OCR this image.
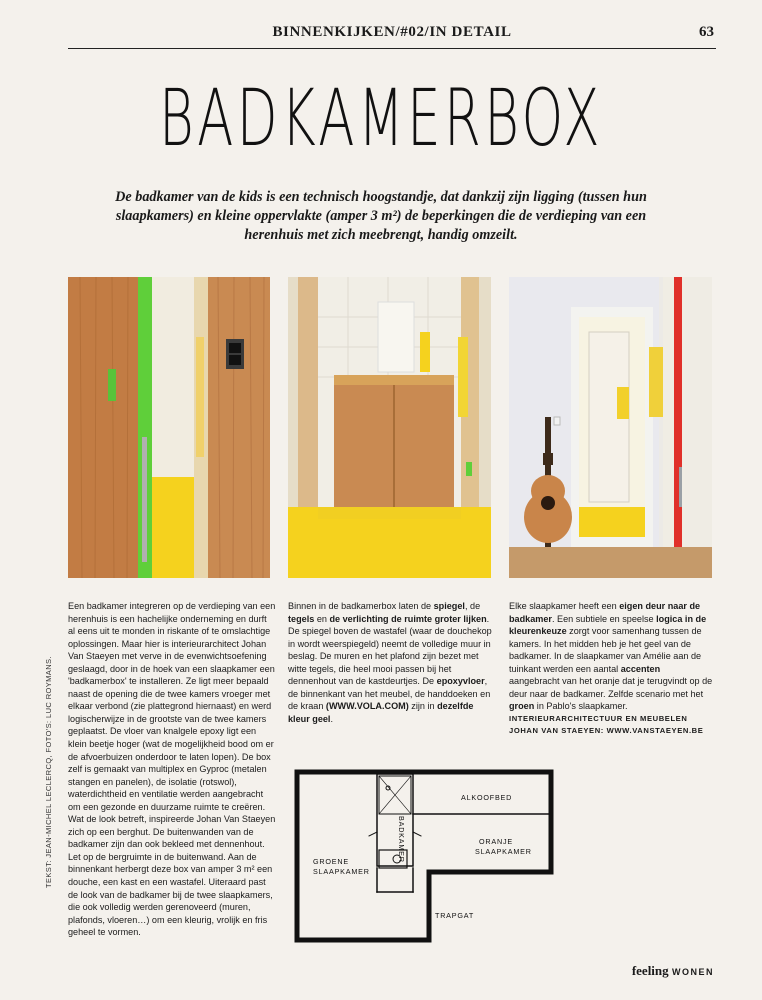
BINNENKIJKEN/#02/IN DETAIL	63
BADKAMERBOX

De badkamer van de kids is een technisch hoogstandje, dat dankzij zijn ligging (tussen hun slaapkamers) en kleine oppervlakte (amper 3 m²) de beperkingen die de verdieping van een herenhuis met zich meebrengt, handig omzeilt.

Een badkamer integreren op de verdieping van een herenhuis is een hachelijke onderneming en durft al eens uit te monden in riskante of te omslachtige oplossingen. Maar hier is interieurarchitect Johan Van Staeyen met verve in de evenwichtsoefening geslaagd, door in de hoek van een slaapkamer een 'badkamerbox' te installeren. Ze ligt meer bepaald naast de opening die de twee kamers vroeger met elkaar verbond (zie plattegrond hiernaast) en werd logischerwijze in de grootste van de twee kamers geplaatst. De vloer van knalgele epoxy ligt een klein beetje hoger (wat de mogelijkheid bood om er de afvoerbuizen onderdoor te laten lopen). De box zelf is gemaakt van multiplex en Gyproc (metalen stangen en panelen), de isolatie (rotswol), waterdichtheid en ventilatie werden aangebracht om een gezonde en duurzame ruimte te creëren. Wat de look betreft, inspireerde Johan Van Staeyen zich op een berghut. De buitenwanden van de badkamer zijn dan ook bekleed met dennenhout. Let op de bergruimte in de buitenwand. Aan de binnenkant herbergt deze box van amper 3 m² een douche, een kast en een wastafel. Uiteraard past de look van de badkamer bij de twee slaapkamers, die ook volledig werden gerenoveerd (muren, plafonds, vloeren…) om een kleurig, vrolijk en fris geheel te vormen.

Binnen in de badkamerbox laten de spiegel, de tegels en de verlichting de ruimte groter lijken. De spiegel boven de wastafel (waar de douchekop in wordt weerspiegeld) neemt de volledige muur in beslag. De muren en het plafond zijn bezet met witte tegels, die heel mooi passen bij het dennenhout van de kastdeurtjes. De epoxyvloer, de binnenkant van het meubel, de handdoeken en de kraan (WWW.VOLA.COM) zijn in dezelfde kleur geel.

Elke slaapkamer heeft een eigen deur naar de badkamer. Een subtiele en speelse logica in de kleurenkeuze zorgt voor samenhang tussen de kamers. In het midden heb je het geel van de badkamer. In de slaapkamer van Amélie aan de tuinkant werden een aantal accenten aangebracht van het oranje dat je terugvindt op de deur naar de badkamer. Zelfde scenario met het groen in Pablo's slaapkamer.

INTERIEURARCHITECTUUR EN MEUBELEN JOHAN VAN STAEYEN: WWW.VANSTAEYEN.BE

TEKST: JEAN-MICHEL LECLERCQ, FOTO'S: LUC ROYMANS.	ALKOOFBED
BADKAMER
GROENE
SLAAPKAMER
ORANJE
SLAAPKAMER
TRAPGAT
feeling WONEN
